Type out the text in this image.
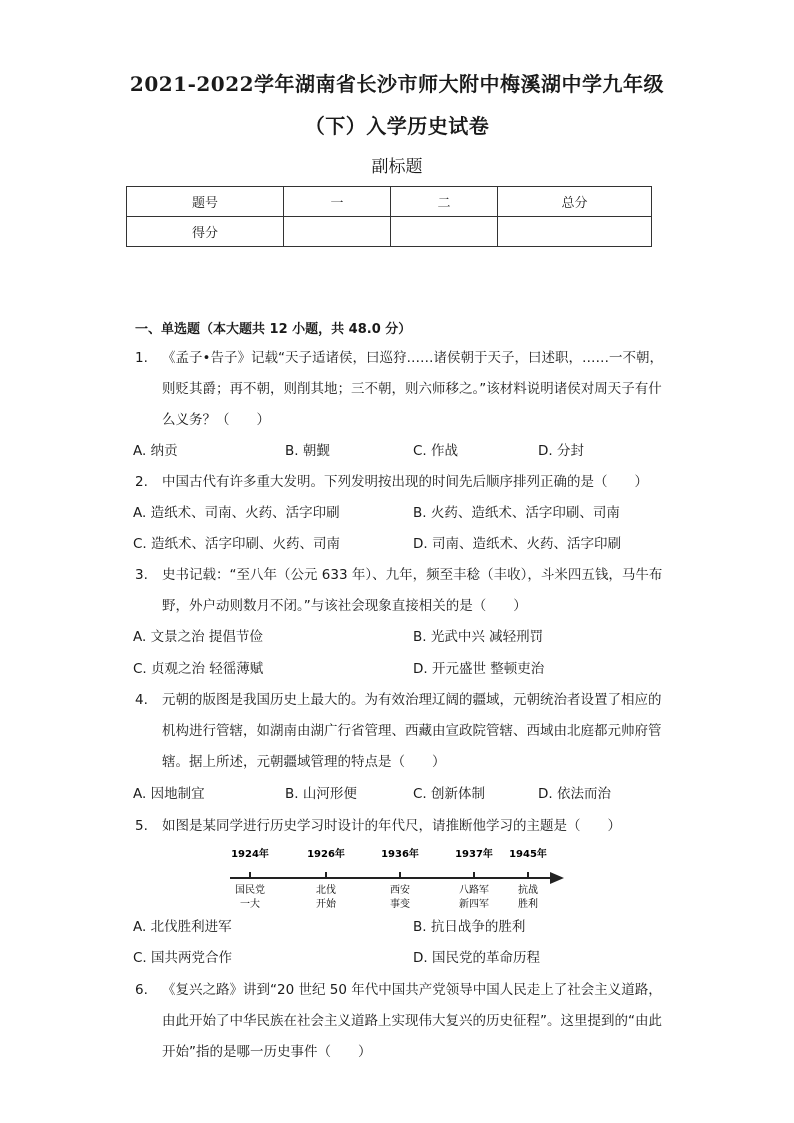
2021-2022学年湖南省长沙市师大附中梅溪湖中学九年级
（下）入学历史试卷
副标题
题号	一	二	总分
得分			
一、单选题（本大题共 12 小题，共 48.0 分）
1. 《孟子•告子》记载“天子适诸侯，曰巡狩……诸侯朝于天子，曰述职，……一不朝，则贬其爵；再不朝，则削其地；三不朝，则六师移之。”该材料说明诸侯对周天子有什么义务？（　　）
A. 纳贡	B. 朝觐	C. 作战	D. 分封
2. 中国古代有许多重大发明。下列发明按出现的时间先后顺序排列正确的是（　　）
A. 造纸术、司南、火药、活字印刷	B. 火药、造纸术、活字印刷、司南
C. 造纸术、活字印刷、火药、司南	D. 司南、造纸术、火药、活字印刷
3. 史书记载：“至八年（公元 633 年）、九年，频至丰稔（丰收），斗米四五钱，马牛布野，外户动则数月不闭。”与该社会现象直接相关的是（　　）
A. 文景之治 提倡节俭	B. 光武中兴 减轻刑罚
C. 贞观之治 轻徭薄赋	D. 开元盛世 整顿吏治
4. 元朝的版图是我国历史上最大的。为有效治理辽阔的疆域，元朝统治者设置了相应的机构进行管辖，如湖南由湖广行省管理、西藏由宣政院管辖、西域由北庭都元帅府管辖。据上所述，元朝疆域管理的特点是（　　）
A. 因地制宜	B. 山河形便	C. 创新体制	D. 依法而治
5. 如图是某同学进行历史学习时设计的年代尺，请推断他学习的主题是（　　）
1924年
国民党
一大
1926年
北伐
开始
1936年
西安
事变
1937年
八路军
新四军
1945年
抗战
胜利
A. 北伐胜利进军	B. 抗日战争的胜利
C. 国共两党合作	D. 国民党的革命历程
6. 《复兴之路》讲到“20 世纪 50 年代中国共产党领导中国人民走上了社会主义道路，由此开始了中华民族在社会主义道路上实现伟大复兴的历史征程”。这里提到的“由此开始”指的是哪一历史事件（　　）
